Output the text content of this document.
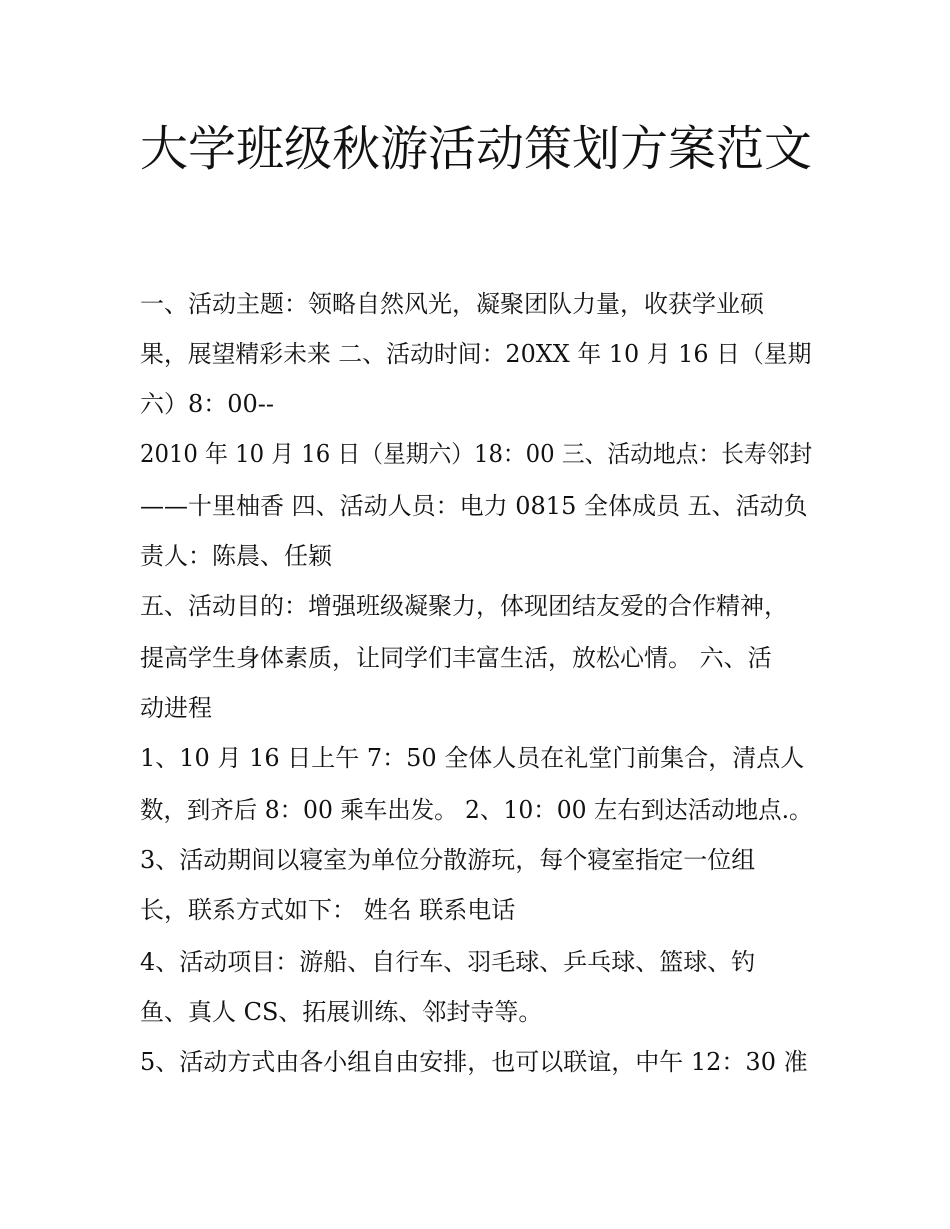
大学班级秋游活动策划方案范文

一、活动主题：领略自然风光，凝聚团队力量，收获学业硕

果，展望精彩未来 二、活动时间：20XX 年 10 月 16 日（星期

六）8：00--

2010 年 10 月 16 日（星期六）18：00 三、活动地点：长寿邻封

——十里柚香 四、活动人员：电力 0815 全体成员 五、活动负

责人：陈晨、任颖

五、活动目的：增强班级凝聚力，体现团结友爱的合作精神，

提高学生身体素质，让同学们丰富生活，放松心情。 六、活

动进程

1、10 月 16 日上午 7：50 全体人员在礼堂门前集合，清点人

数，到齐后 8：00 乘车出发。 2、10：00 左右到达活动地点.。

3、活动期间以寝室为单位分散游玩，每个寝室指定一位组

长，联系方式如下： 姓名 联系电话

4、活动项目：游船、自行车、羽毛球、乒乓球、篮球、钓

鱼、真人 CS、拓展训练、邻封寺等。

5、活动方式由各小组自由安排，也可以联谊，中午 12：30 准
